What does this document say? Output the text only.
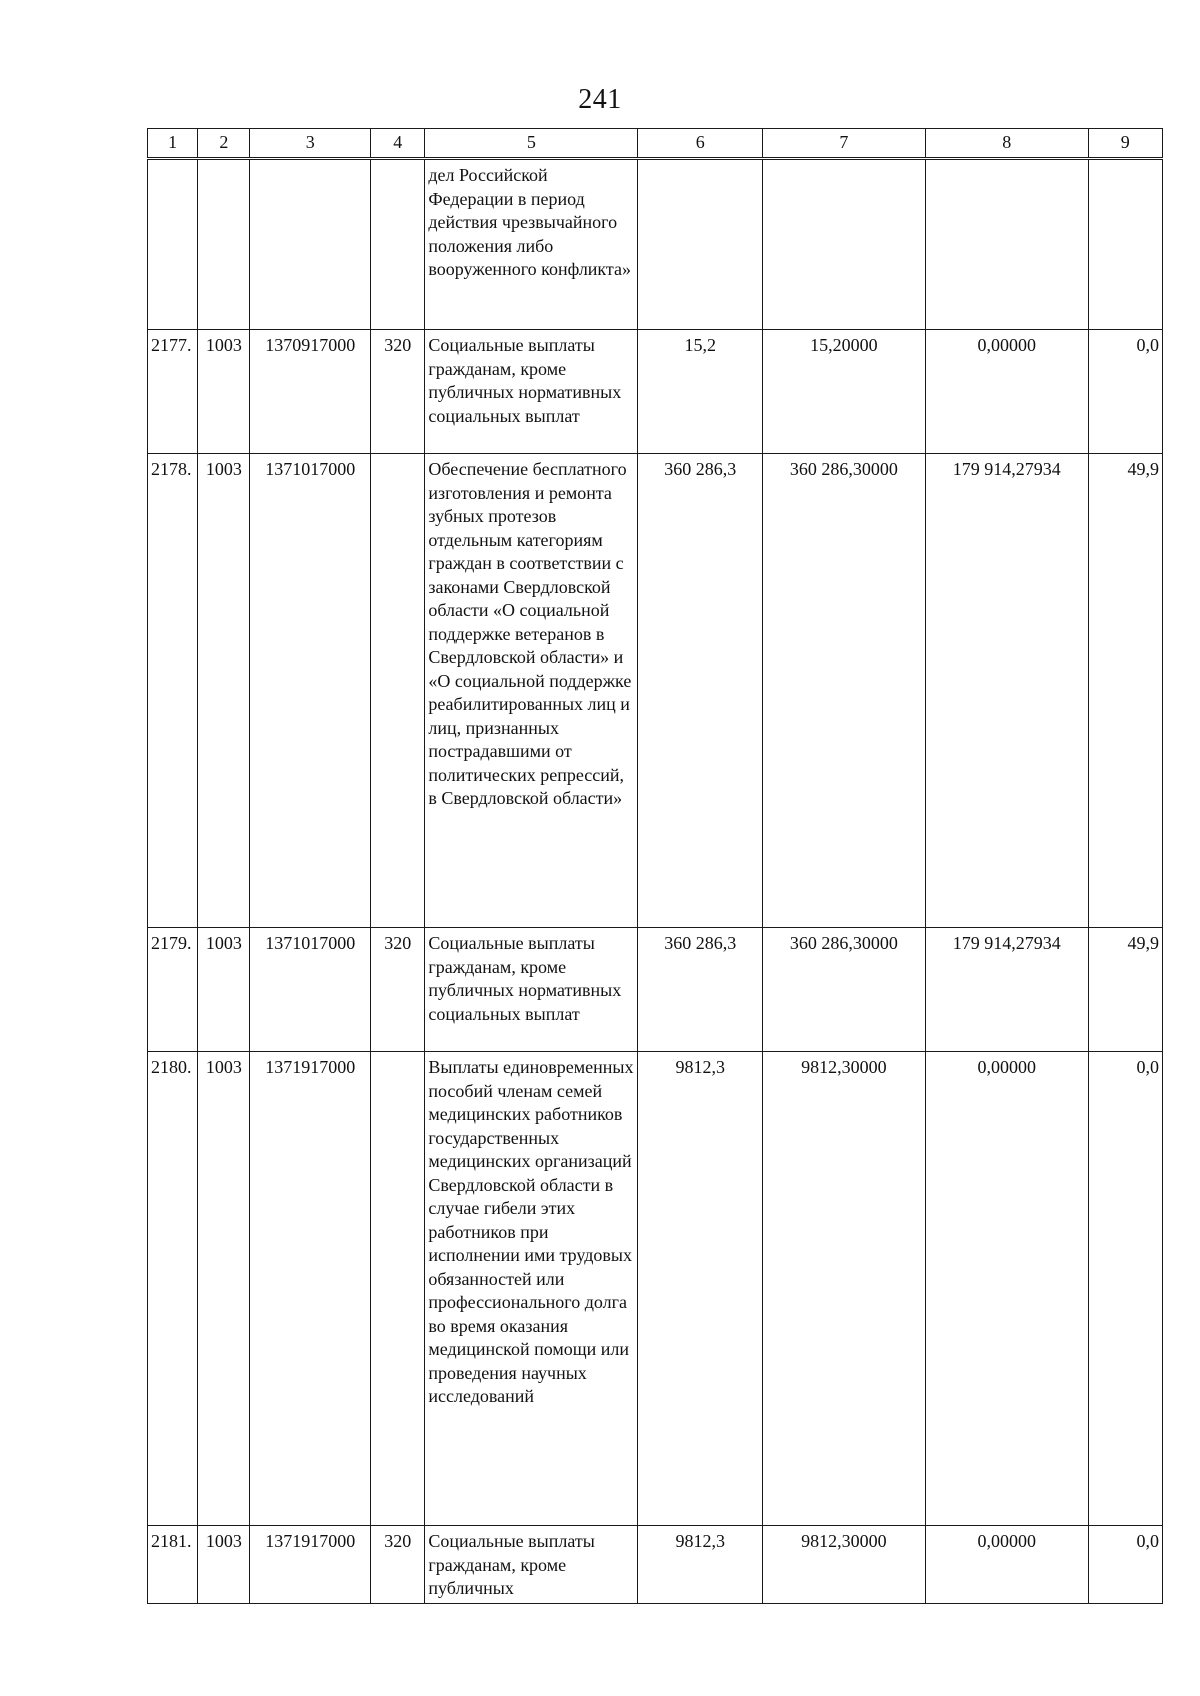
241
1	2	3	4	5	6	7	8	9
				дел Российской Федерации в период действия чрезвычайного положения либо вооруженного конфликта»				
2177.	1003	1370917000	320	Социальные выплаты гражданам, кроме публичных нормативных социальных выплат	15,2	15,20000	0,00000	0,0
2178.	1003	1371017000		Обеспечение бесплатного изготовления и ремонта зубных протезов отдельным категориям граждан в соответствии с законами Свердловской области «О социальной поддержке ветеранов в Свердловской области» и «О социальной поддержке реабилитированных лиц и лиц, признанных пострадавшими от политических репрессий, в Свердловской области»	360 286,3	360 286,30000	179 914,27934	49,9
2179.	1003	1371017000	320	Социальные выплаты гражданам, кроме публичных нормативных социальных выплат	360 286,3	360 286,30000	179 914,27934	49,9
2180.	1003	1371917000		Выплаты единовременных пособий членам семей медицинских работников государственных медицинских организаций Свердловской области в случае гибели этих работников при исполнении ими трудовых обязанностей или профессионального долга во время оказания медицинской помощи или проведения научных исследований	9812,3	9812,30000	0,00000	0,0
2181.	1003	1371917000	320	Социальные выплаты гражданам, кроме публичных	9812,3	9812,30000	0,00000	0,0
